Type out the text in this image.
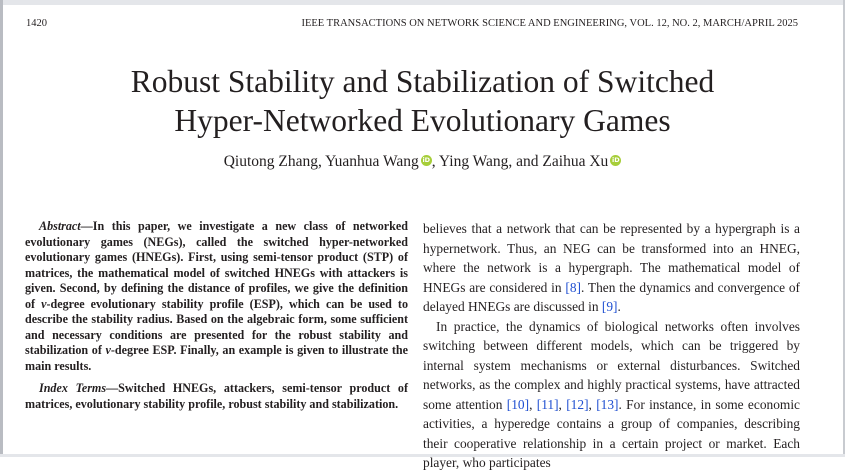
1420	IEEE TRANSACTIONS ON NETWORK SCIENCE AND ENGINEERING, VOL. 12, NO. 2, MARCH/APRIL 2025
Robust Stability and Stabilization of Switched
Hyper-Networked Evolutionary Games
Qiutong Zhang, Yuanhua Wang iD , Ying Wang, and Zaihua Xu iD

Abstract—In this paper, we investigate a new class of networked evolutionary games (NEGs), called the switched hyper-networked evolutionary games (HNEGs). First, using semi-tensor product (STP) of matrices, the mathematical model of switched HNEGs with attackers is given. Second, by defining the distance of profiles, we give the definition of ν-degree evolutionary stability profile (ESP), which can be used to describe the stability radius. Based on the algebraic form, some sufficient and necessary conditions are presented for the robust stability and stabilization of ν-degree ESP. Finally, an example is given to illustrate the main results.

Index Terms—Switched HNEGs, attackers, semi-tensor product of matrices, evolutionary stability profile, robust stability and stabilization.

believes that a network that can be represented by a hypergraph is a hypernetwork. Thus, an NEG can be transformed into an HNEG, where the network is a hypergraph. The mathematical model of HNEGs are considered in [8]. Then the dynamics and convergence of delayed HNEGs are discussed in [9].

In practice, the dynamics of biological networks often involves switching between different models, which can be triggered by internal system mechanisms or external disturbances. Switched networks, as the complex and highly practical systems, have attracted some attention [10], [11], [12], [13]. For instance, in some economic activities, a hyperedge contains a group of companies, describing their cooperative relationship in a certain project or market. Each player, who participates
